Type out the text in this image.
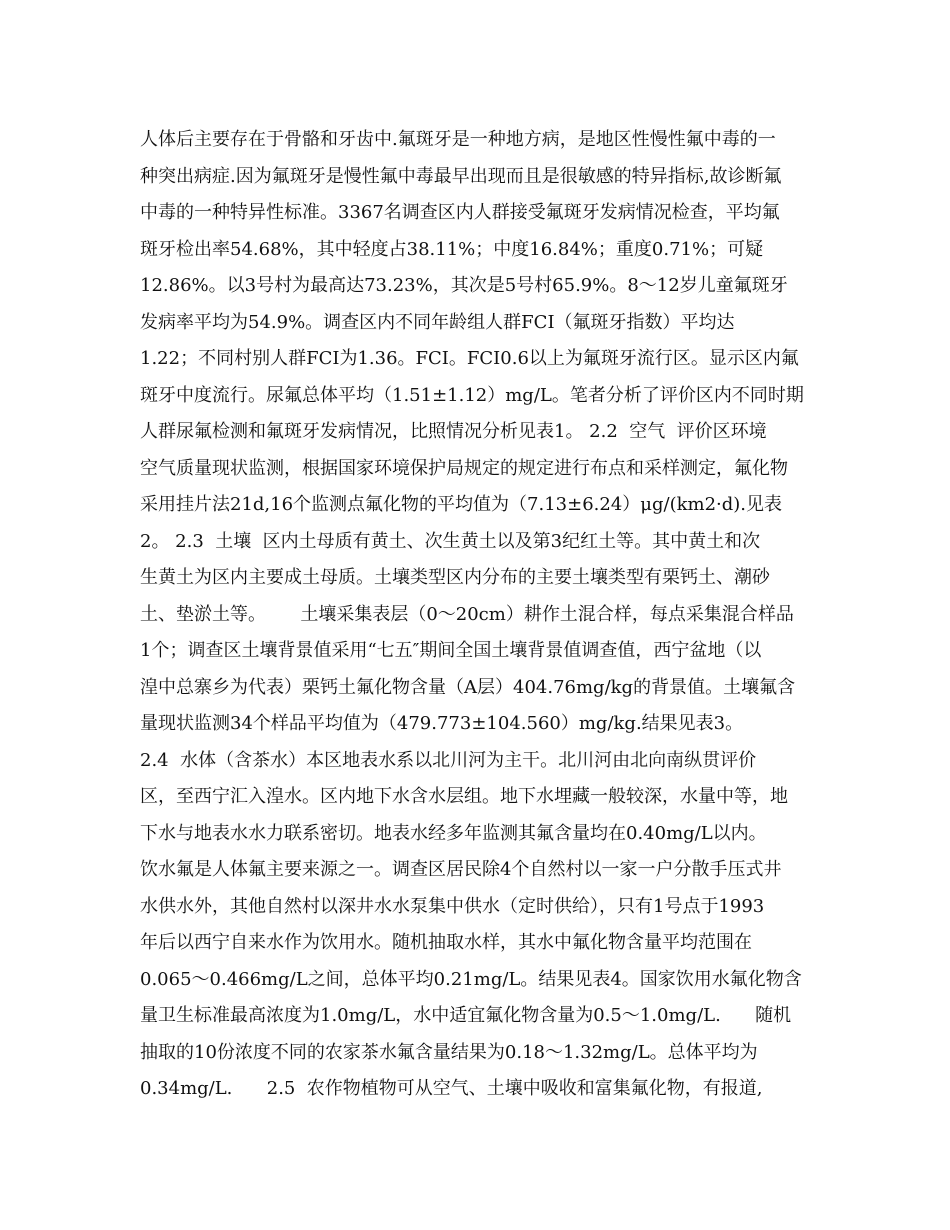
人体后主要存在于骨骼和牙齿中.氟斑牙是一种地方病，是地区性慢性氟中毒的一
种突出病症.因为氟斑牙是慢性氟中毒最早出现而且是很敏感的特异指标,故诊断氟
中毒的一种特异性标准。3367名调查区内人群接受氟斑牙发病情况检查，平均氟
斑牙检出率54.68%，其中轻度占38.11%；中度16.84%；重度0.71%；可疑
12.86%。以3号村为最高达73.23%，其次是5号村65.9%。8～12岁儿童氟斑牙
发病率平均为54.9%。调查区内不同年龄组人群FCI（氟斑牙指数）平均达
1.22；不同村别人群FCI为1.36。FCI。FCI0.6以上为氟斑牙流行区。显示区内氟
斑牙中度流行。尿氟总体平均（1.51±1.12）mg/L。笔者分析了评价区内不同时期
人群尿氟检测和氟斑牙发病情况，比照情况分析见表1。 2.2  空气  评价区环境
空气质量现状监测，根据国家环境保护局规定的规定进行布点和采样测定，氟化物
采用挂片法21d,16个监测点氟化物的平均值为（7.13±6.24）μg/(km2·d).见表
2。 2.3  土壤  区内土母质有黄土、次生黄土以及第3纪红土等。其中黄土和次
生黄土为区内主要成土母质。土壤类型区内分布的主要土壤类型有栗钙土、潮砂
土、垫淤土等。      土壤采集表层（0～20cm）耕作土混合样，每点采集混合样品
1个；调查区土壤背景值采用“七五″期间全国土壤背景值调查值，西宁盆地（以
湟中总寨乡为代表）栗钙土氟化物含量（A层）404.76mg/kg的背景值。土壤氟含
量现状监测34个样品平均值为（479.773±104.560）mg/kg.结果见表3。
2.4  水体（含茶水）本区地表水系以北川河为主干。北川河由北向南纵贯评价
区，至西宁汇入湟水。区内地下水含水层组。地下水埋藏一般较深，水量中等，地
下水与地表水水力联系密切。地表水经多年监测其氟含量均在0.40mg/L以内。
饮水氟是人体氟主要来源之一。调查区居民除4个自然村以一家一户分散手压式井
水供水外，其他自然村以深井水水泵集中供水（定时供给），只有1号点于1993
年后以西宁自来水作为饮用水。随机抽取水样，其水中氟化物含量平均范围在
0.065～0.466mg/L之间，总体平均0.21mg/L。结果见表4。国家饮用水氟化物含
量卫生标准最高浓度为1.0mg/L，水中适宜氟化物含量为0.5～1.0mg/L.      随机
抽取的10份浓度不同的农家茶水氟含量结果为0.18～1.32mg/L。总体平均为
0.34mg/L.      2.5  农作物植物可从空气、土壤中吸收和富集氟化物，有报道,
